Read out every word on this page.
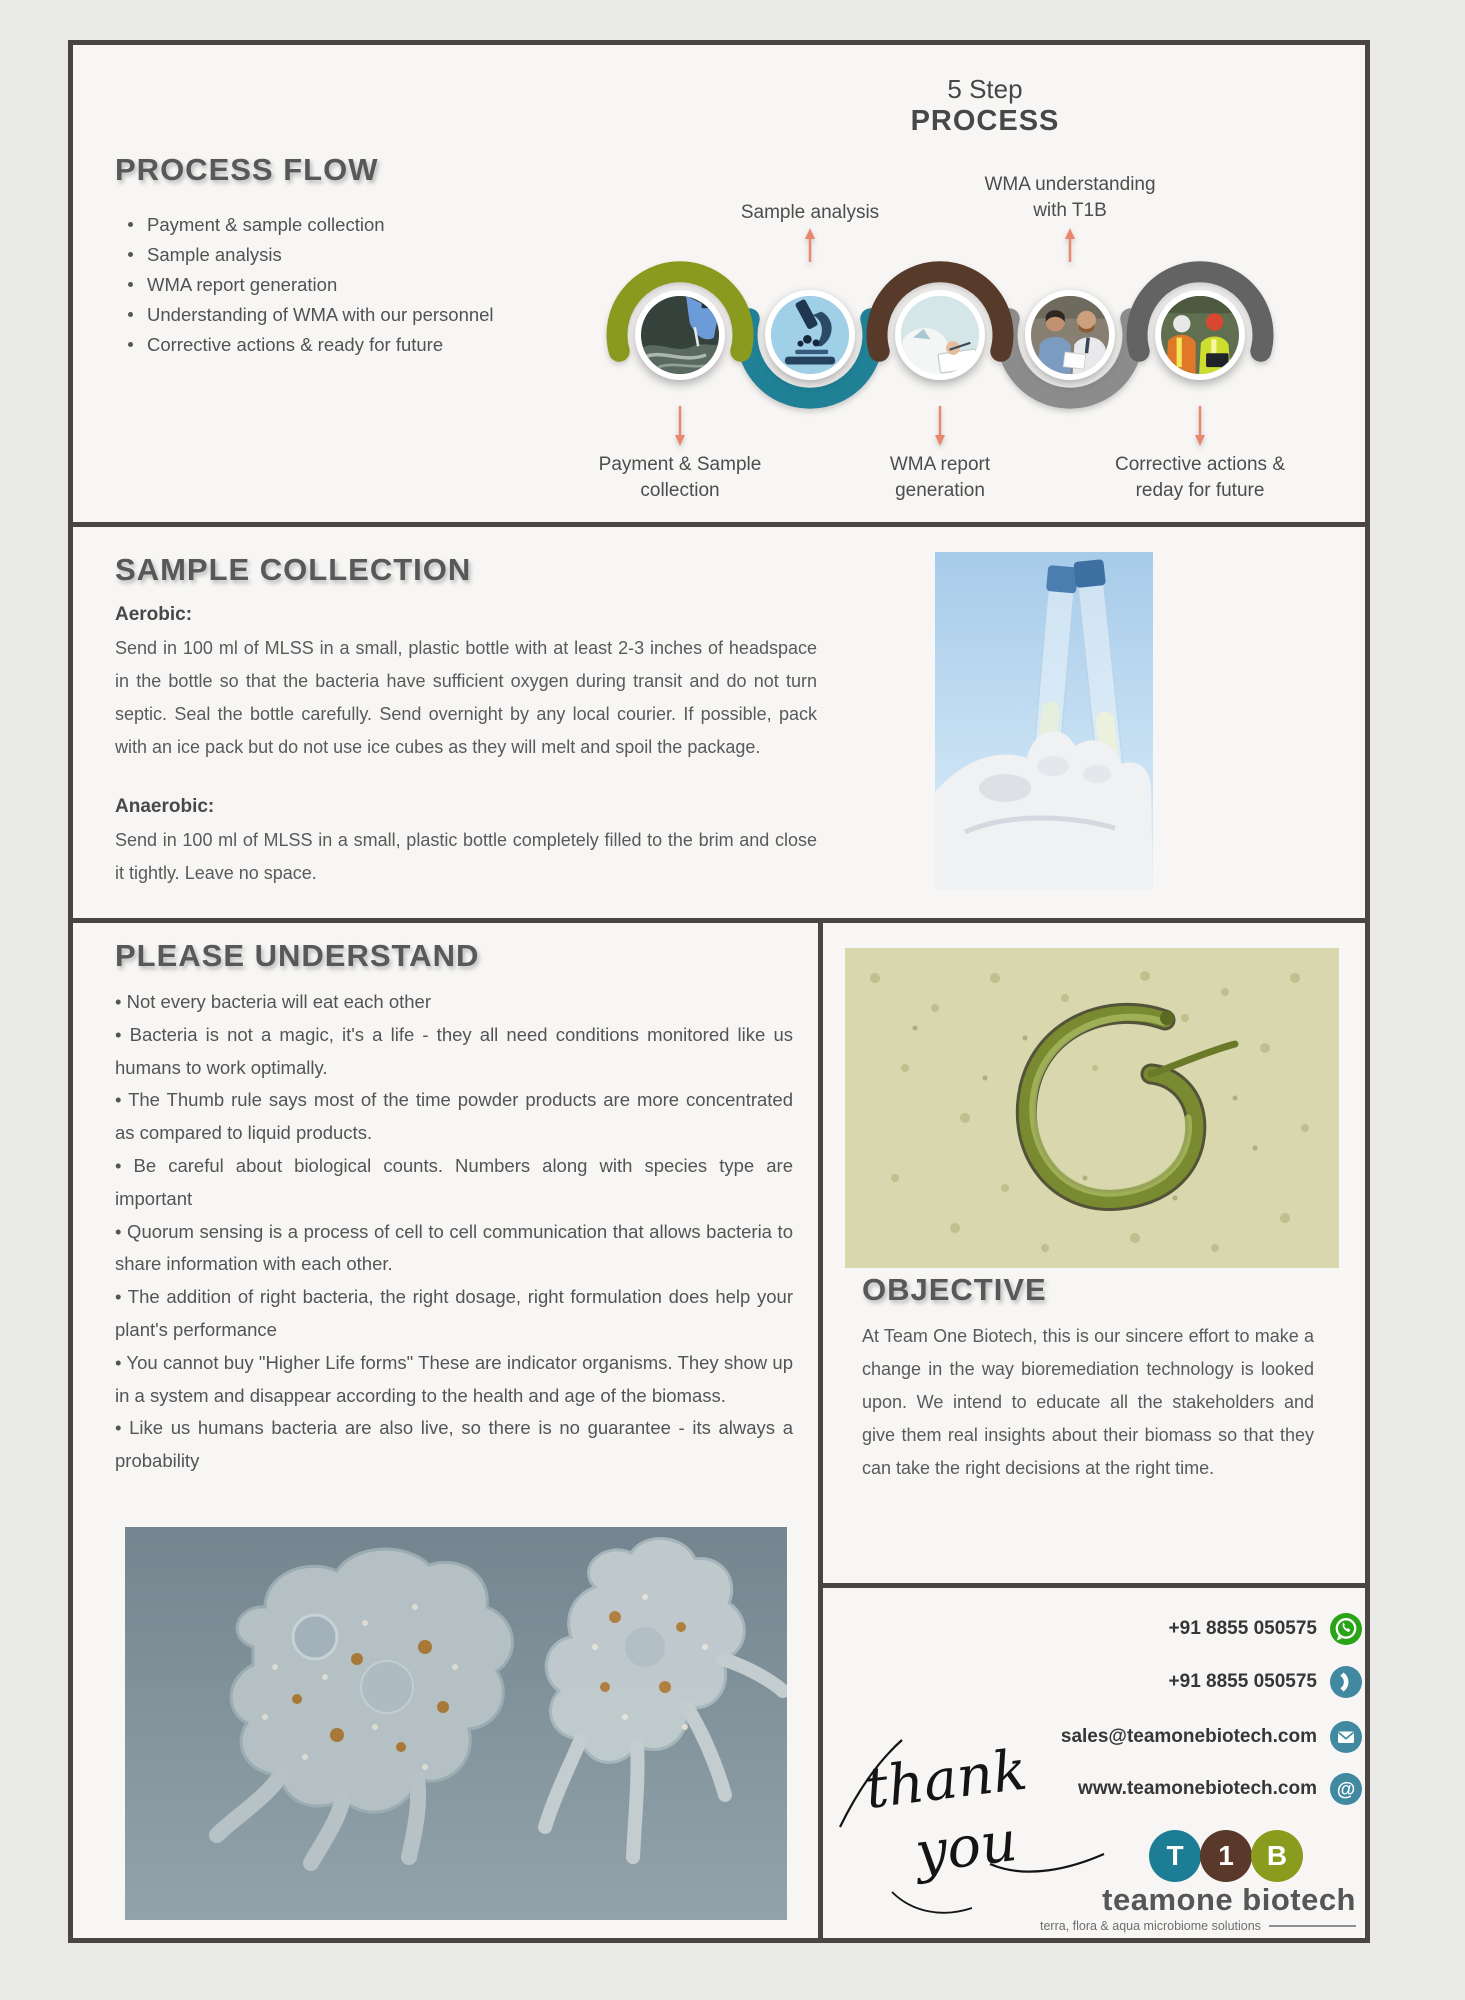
PROCESS FLOW
Payment & sample collection
Sample analysis
WMA report generation
Understanding of WMA with our personnel
Corrective actions & ready for future
5 Step
PROCESS
Sample analysis
WMA understanding with T1B
Payment & Sample collection
WMA report generation
Corrective actions & reday for future
SAMPLE COLLECTION
Aerobic:
Send in 100 ml of MLSS in a small, plastic bottle with at least 2-3 inches of headspace in the bottle so that the bacteria have sufficient oxygen during transit and do not turn septic. Seal the bottle carefully. Send overnight by any local courier. If possible, pack with an ice pack but do not use ice cubes as they will melt and spoil the package.
Anaerobic:
Send in 100 ml of MLSS in a small, plastic bottle completely filled to the brim and close it tightly. Leave no space.
PLEASE UNDERSTAND
• Not every bacteria will eat each other
• Bacteria is not a magic, it's a life - they all need conditions monitored like us humans to work optimally.
• The Thumb rule says most of the time powder products are more concentrated as compared to liquid products.
• Be careful about biological counts. Numbers along with species type are important
• Quorum sensing is a process of cell to cell communication that allows bacteria to share information with each other.
• The addition of right bacteria, the right dosage, right formulation does help your plant's performance
• You cannot buy "Higher Life forms" These are indicator organisms. They show up in a system and disappear according to the health and age of the biomass.
• Like us humans bacteria are also live, so there is no guarantee - its always a probability
OBJECTIVE
At Team One Biotech, this is our sincere effort to make a change in the way bioremediation technology is looked upon. We intend to educate all the stakeholders and give them real insights about their biomass so that they can take the right decisions at the right time.
+91 8855 050575
+91 8855 050575
sales@teamonebiotech.com
www.teamonebiotech.com @
thank
you	T	1	B
teamone biotech
terra, flora & aqua microbiome solutions
